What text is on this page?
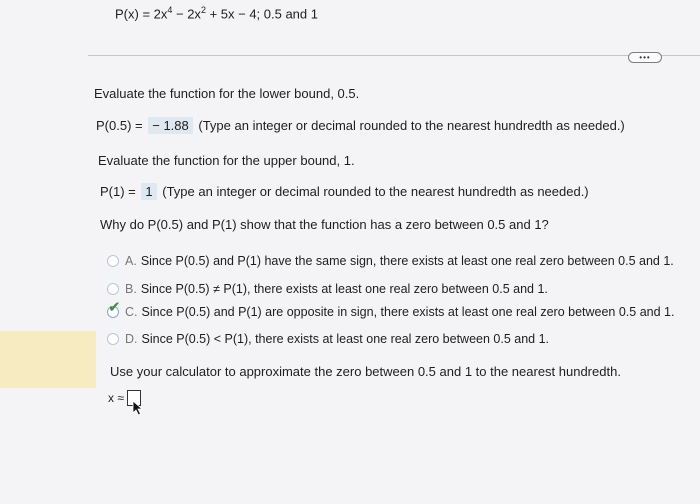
$P(x) = 2x^4 - 2x^2 + 5x - 4$; 0.5 and 1
•••
Evaluate the function for the lower bound, 0.5.
P(0.5) = − 1.88 (Type an integer or decimal rounded to the nearest hundredth as needed.)
Evaluate the function for the upper bound, 1.
P(1) = 1 (Type an integer or decimal rounded to the nearest hundredth as needed.)
Why do P(0.5) and P(1) show that the function has a zero between 0.5 and 1?
A. Since P(0.5) and P(1) have the same sign, there exists at least one real zero between 0.5 and 1.
B. Since P(0.5) ≠ P(1), there exists at least one real zero between 0.5 and 1.
✔ C. Since P(0.5) and P(1) are opposite in sign, there exists at least one real zero between 0.5 and 1.
D. Since P(0.5) < P(1), there exists at least one real zero between 0.5 and 1.
Use your calculator to approximate the zero between 0.5 and 1 to the nearest hundredth.
x ≈
